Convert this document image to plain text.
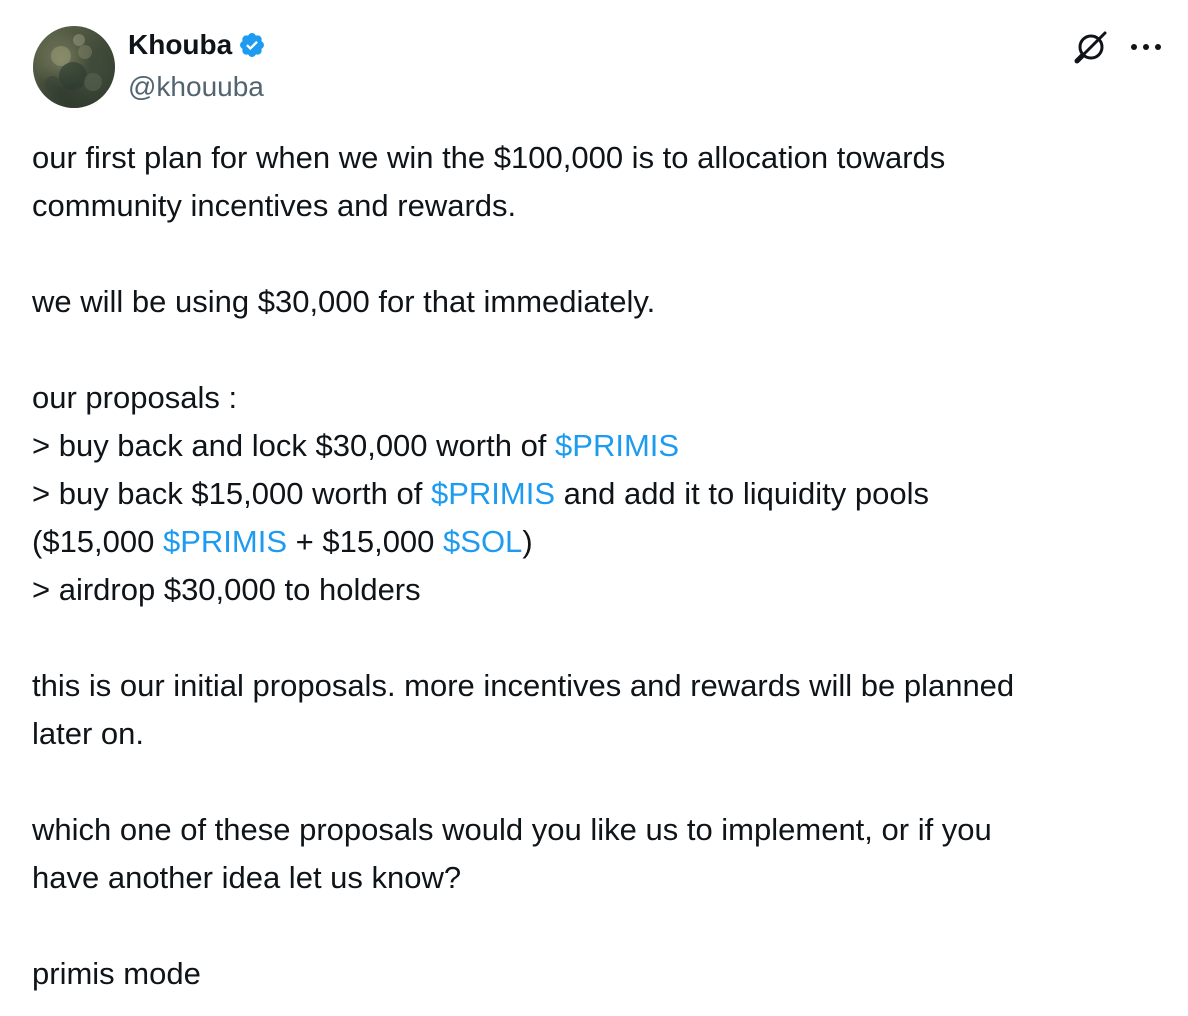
Khouba
@khouuba
our first plan for when we win the $100,000 is to allocation towards
community incentives and rewards.
we will be using $30,000 for that immediately.
our proposals :
> buy back and lock $30,000 worth of $PRIMIS
> buy back $15,000 worth of $PRIMIS and add it to liquidity pools
($15,000 $PRIMIS + $15,000 $SOL)
> airdrop $30,000 to holders
this is our initial proposals. more incentives and rewards will be planned
later on.
which one of these proposals would you like us to implement, or if you
have another idea let us know?
primis mode
